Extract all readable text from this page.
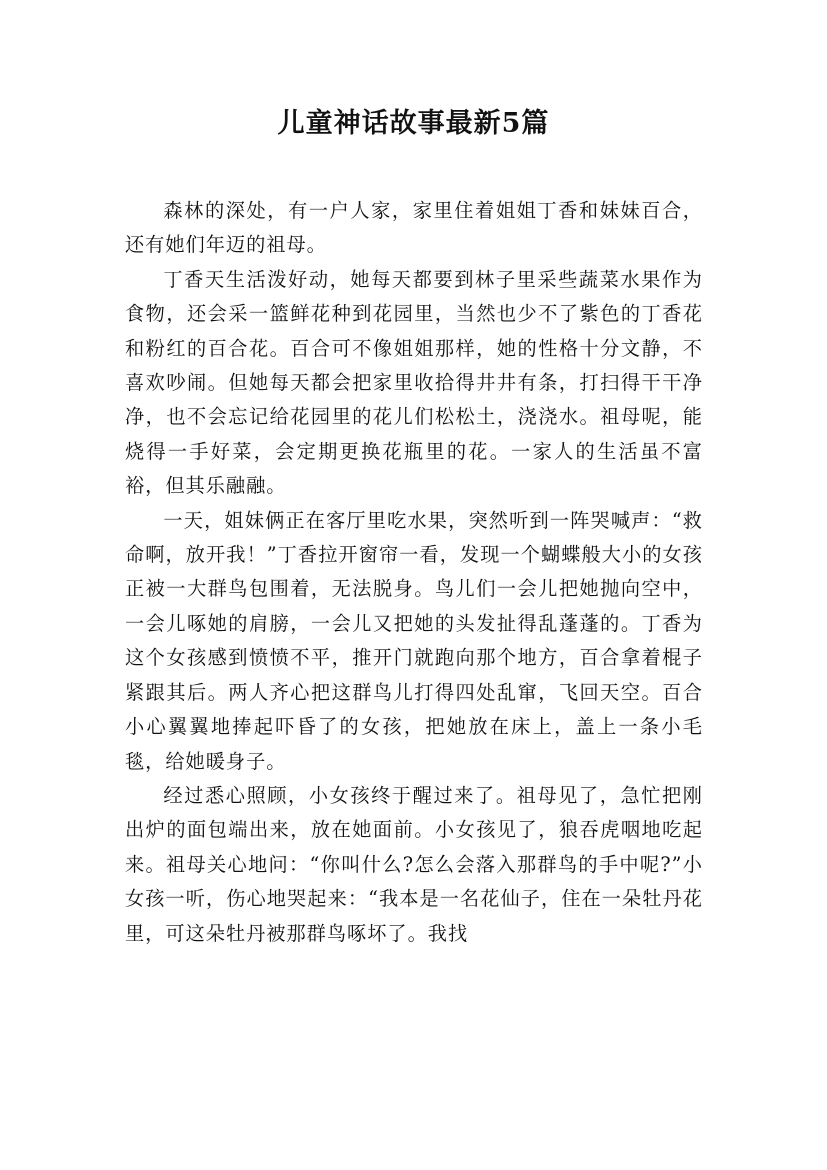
儿童神话故事最新5篇

森林的深处，有一户人家，家里住着姐姐丁香和妹妹百合，还有她们年迈的祖母。

丁香天生活泼好动，她每天都要到林子里采些蔬菜水果作为食物，还会采一篮鲜花种到花园里，当然也少不了紫色的丁香花和粉红的百合花。百合可不像姐姐那样，她的性格十分文静，不喜欢吵闹。但她每天都会把家里收拾得井井有条，打扫得干干净净，也不会忘记给花园里的花儿们松松土，浇浇水。祖母呢，能烧得一手好菜，会定期更换花瓶里的花。一家人的生活虽不富裕，但其乐融融。

一天，姐妹俩正在客厅里吃水果，突然听到一阵哭喊声：“救命啊，放开我！”丁香拉开窗帘一看，发现一个蝴蝶般大小的女孩正被一大群鸟包围着，无法脱身。鸟儿们一会儿把她抛向空中，一会儿啄她的肩膀，一会儿又把她的头发扯得乱蓬蓬的。丁香为这个女孩感到愤愤不平，推开门就跑向那个地方，百合拿着棍子紧跟其后。两人齐心把这群鸟儿打得四处乱窜，飞回天空。百合小心翼翼地捧起吓昏了的女孩，把她放在床上，盖上一条小毛毯，给她暖身子。

经过悉心照顾，小女孩终于醒过来了。祖母见了，急忙把刚出炉的面包端出来，放在她面前。小女孩见了，狼吞虎咽地吃起来。祖母关心地问：“你叫什么?怎么会落入那群鸟的手中呢?”小女孩一听，伤心地哭起来：“我本是一名花仙子，住在一朵牡丹花里，可这朵牡丹被那群鸟啄坏了。我找
